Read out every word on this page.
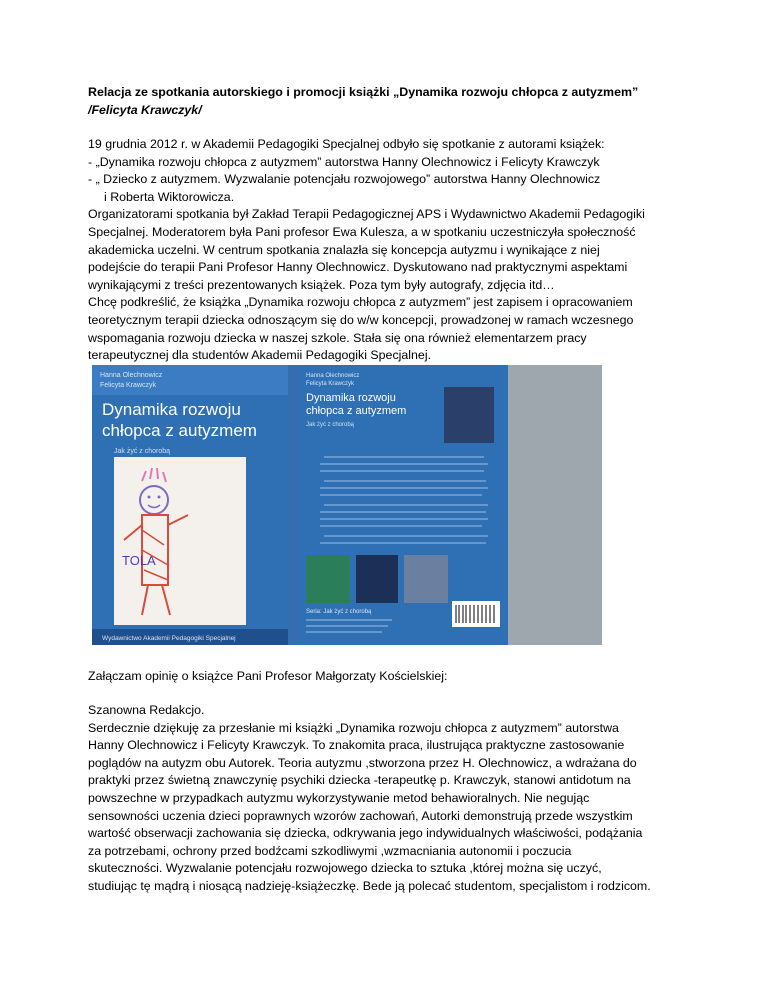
Relacja ze spotkania autorskiego i promocji książki „Dynamika rozwoju chłopca z autyzmem”

/Felicyta Krawczyk/

19 grudnia 2012 r. w Akademii Pedagogiki Specjalnej odbyło się spotkanie z autorami książek:

- „Dynamika rozwoju chłopca z autyzmem” autorstwa Hanny Olechnowicz i Felicyty Krawczyk

- „ Dziecko z autyzmem. Wyzwalanie potencjału rozwojowego” autorstwa Hanny Olechnowicz

i Roberta Wiktorowicza.

Organizatorami spotkania był Zakład Terapii Pedagogicznej APS i Wydawnictwo Akademii Pedagogiki

Specjalnej. Moderatorem była Pani profesor Ewa Kulesza, a w spotkaniu uczestniczyła społeczność

akademicka uczelni. W centrum spotkania znalazła się koncepcja autyzmu i wynikające z niej

podejście do terapii Pani Profesor Hanny Olechnowicz. Dyskutowano nad praktycznymi aspektami

wynikającymi z treści prezentowanych książek. Poza tym były autografy, zdjęcia itd…

Chcę podkreślić, że książka „Dynamika rozwoju chłopca z autyzmem” jest zapisem i opracowaniem

teoretycznym terapii dziecka odnoszącym się do w/w koncepcji, prowadzonej w ramach wczesnego

wspomagania rozwoju dziecka w naszej szkole. Stała się ona również elementarzem pracy

terapeutycznej dla studentów Akademii Pedagogiki Specjalnej.

Hanna Olechnowicz
Felicyta Krawczyk
Dynamika rozwoju
chłopca z autyzmem
Jak żyć z chorobą
TOLA
Wydawnictwo Akademii Pedagogiki Specjalnej
Hanna Olechnowicz
Felicyta Krawczyk
Dynamika rozwoju
chłopca z autyzmem
Jak żyć z chorobą
Seria: Jak żyć z chorobą

Załączam opinię o książce Pani Profesor Małgorzaty Kościelskiej:

Szanowna Redakcjo.

Serdecznie dziękuję za przesłanie mi książki „Dynamika rozwoju chłopca z autyzmem” autorstwa

Hanny Olechnowicz i Felicyty Krawczyk. To znakomita praca, ilustrująca praktyczne zastosowanie

poglądów na autyzm obu Autorek. Teoria autyzmu ,stworzona przez H. Olechnowicz, a wdrażana do

praktyki przez świetną znawczynię psychiki dziecka -terapeutkę p. Krawczyk, stanowi antidotum na

powszechne w przypadkach autyzmu wykorzystywanie metod behawioralnych. Nie negując

sensowności uczenia dzieci poprawnych wzorów zachowań, Autorki demonstrują przede wszystkim

wartość obserwacji zachowania się dziecka, odkrywania jego indywidualnych właściwości, podążania

za potrzebami, ochrony przed bodźcami szkodliwymi ,wzmacniania autonomii i poczucia

skuteczności. Wyzwalanie potencjału rozwojowego dziecka to sztuka ,której można się uczyć,

studiując tę mądrą i niosącą nadzieję-książeczkę. Bede ją polecać studentom, specjalistom i rodzicom.
